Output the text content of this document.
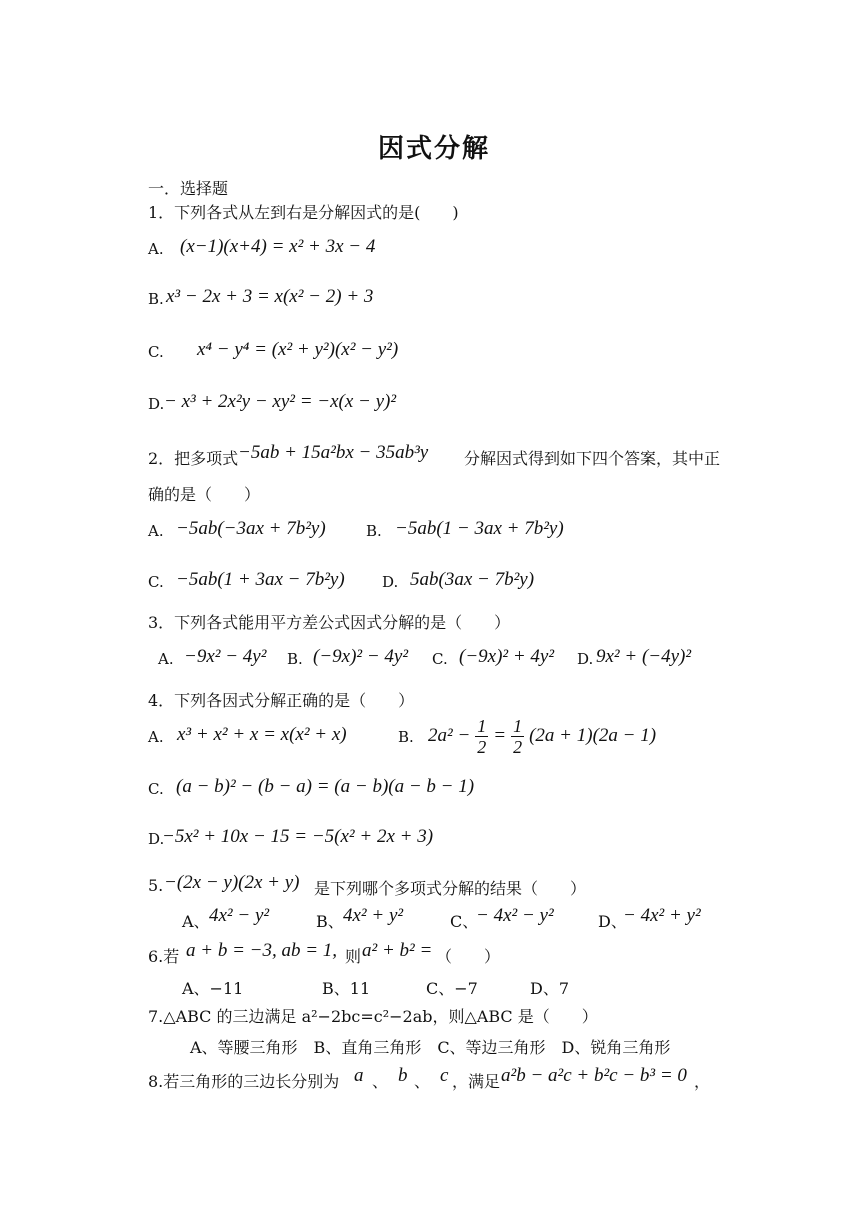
因式分解
一．选择题
1．下列各式从左到右是分解因式的是(　　)
A. (x−1)(x+4) = x² + 3x − 4
B. x³ − 2x + 3 = x(x² − 2) + 3
C. x⁴ − y⁴ = (x² + y²)(x² − y²)
D. − x³ + 2x²y − xy² = −x(x − y)²
2．把多项式 −5ab + 15a²bx − 35ab³y 分解因式得到如下四个答案，其中正
确的是（　　）
A. −5ab(−3ax + 7b²y)	B. −5ab(1 − 3ax + 7b²y)
C. −5ab(1 + 3ax − 7b²y) D. 5ab(3ax − 7b²y)
3．下列各式能用平方差公式因式分解的是（　　）
A. −9x² − 4y² B. (−9x)² − 4y² C. (−9x)² + 4y² D. 9x² + (−4y)²
4．下列各因式分解正确的是（　　）
A. x³ + x² + x = x(x² + x)	B. $2a^2 - \frac{1}{2} = \frac{1}{2} (2a + 1)(2a - 1)$
C. (a − b)² − (b − a) = (a − b)(a − b − 1)
D.
−5x² + 10x − 15 = −5(x² + 2x + 3)
5. −(2x − y)(2x + y) 是下列哪个多项式分解的结果（　　）
A、 4x² − y²	B、 4x² + y²	C、
− 4x² − y²	D、
− 4x² + y²
6.若 a + b = −3, ab = 1, 则 a² + b² = （　　）
A、−11	B、11	C、−7	D、7
7.△ABC 的三边满足 a²−2bc=c²−2ab，则△ABC 是（　　）
A、等腰三角形　B、直角三角形　C、等边三角形　D、锐角三角形
8.若三角形的三边长分别为 a 、 b 、 c ，满足 a²b − a²c + b²c − b³ = 0 ，
